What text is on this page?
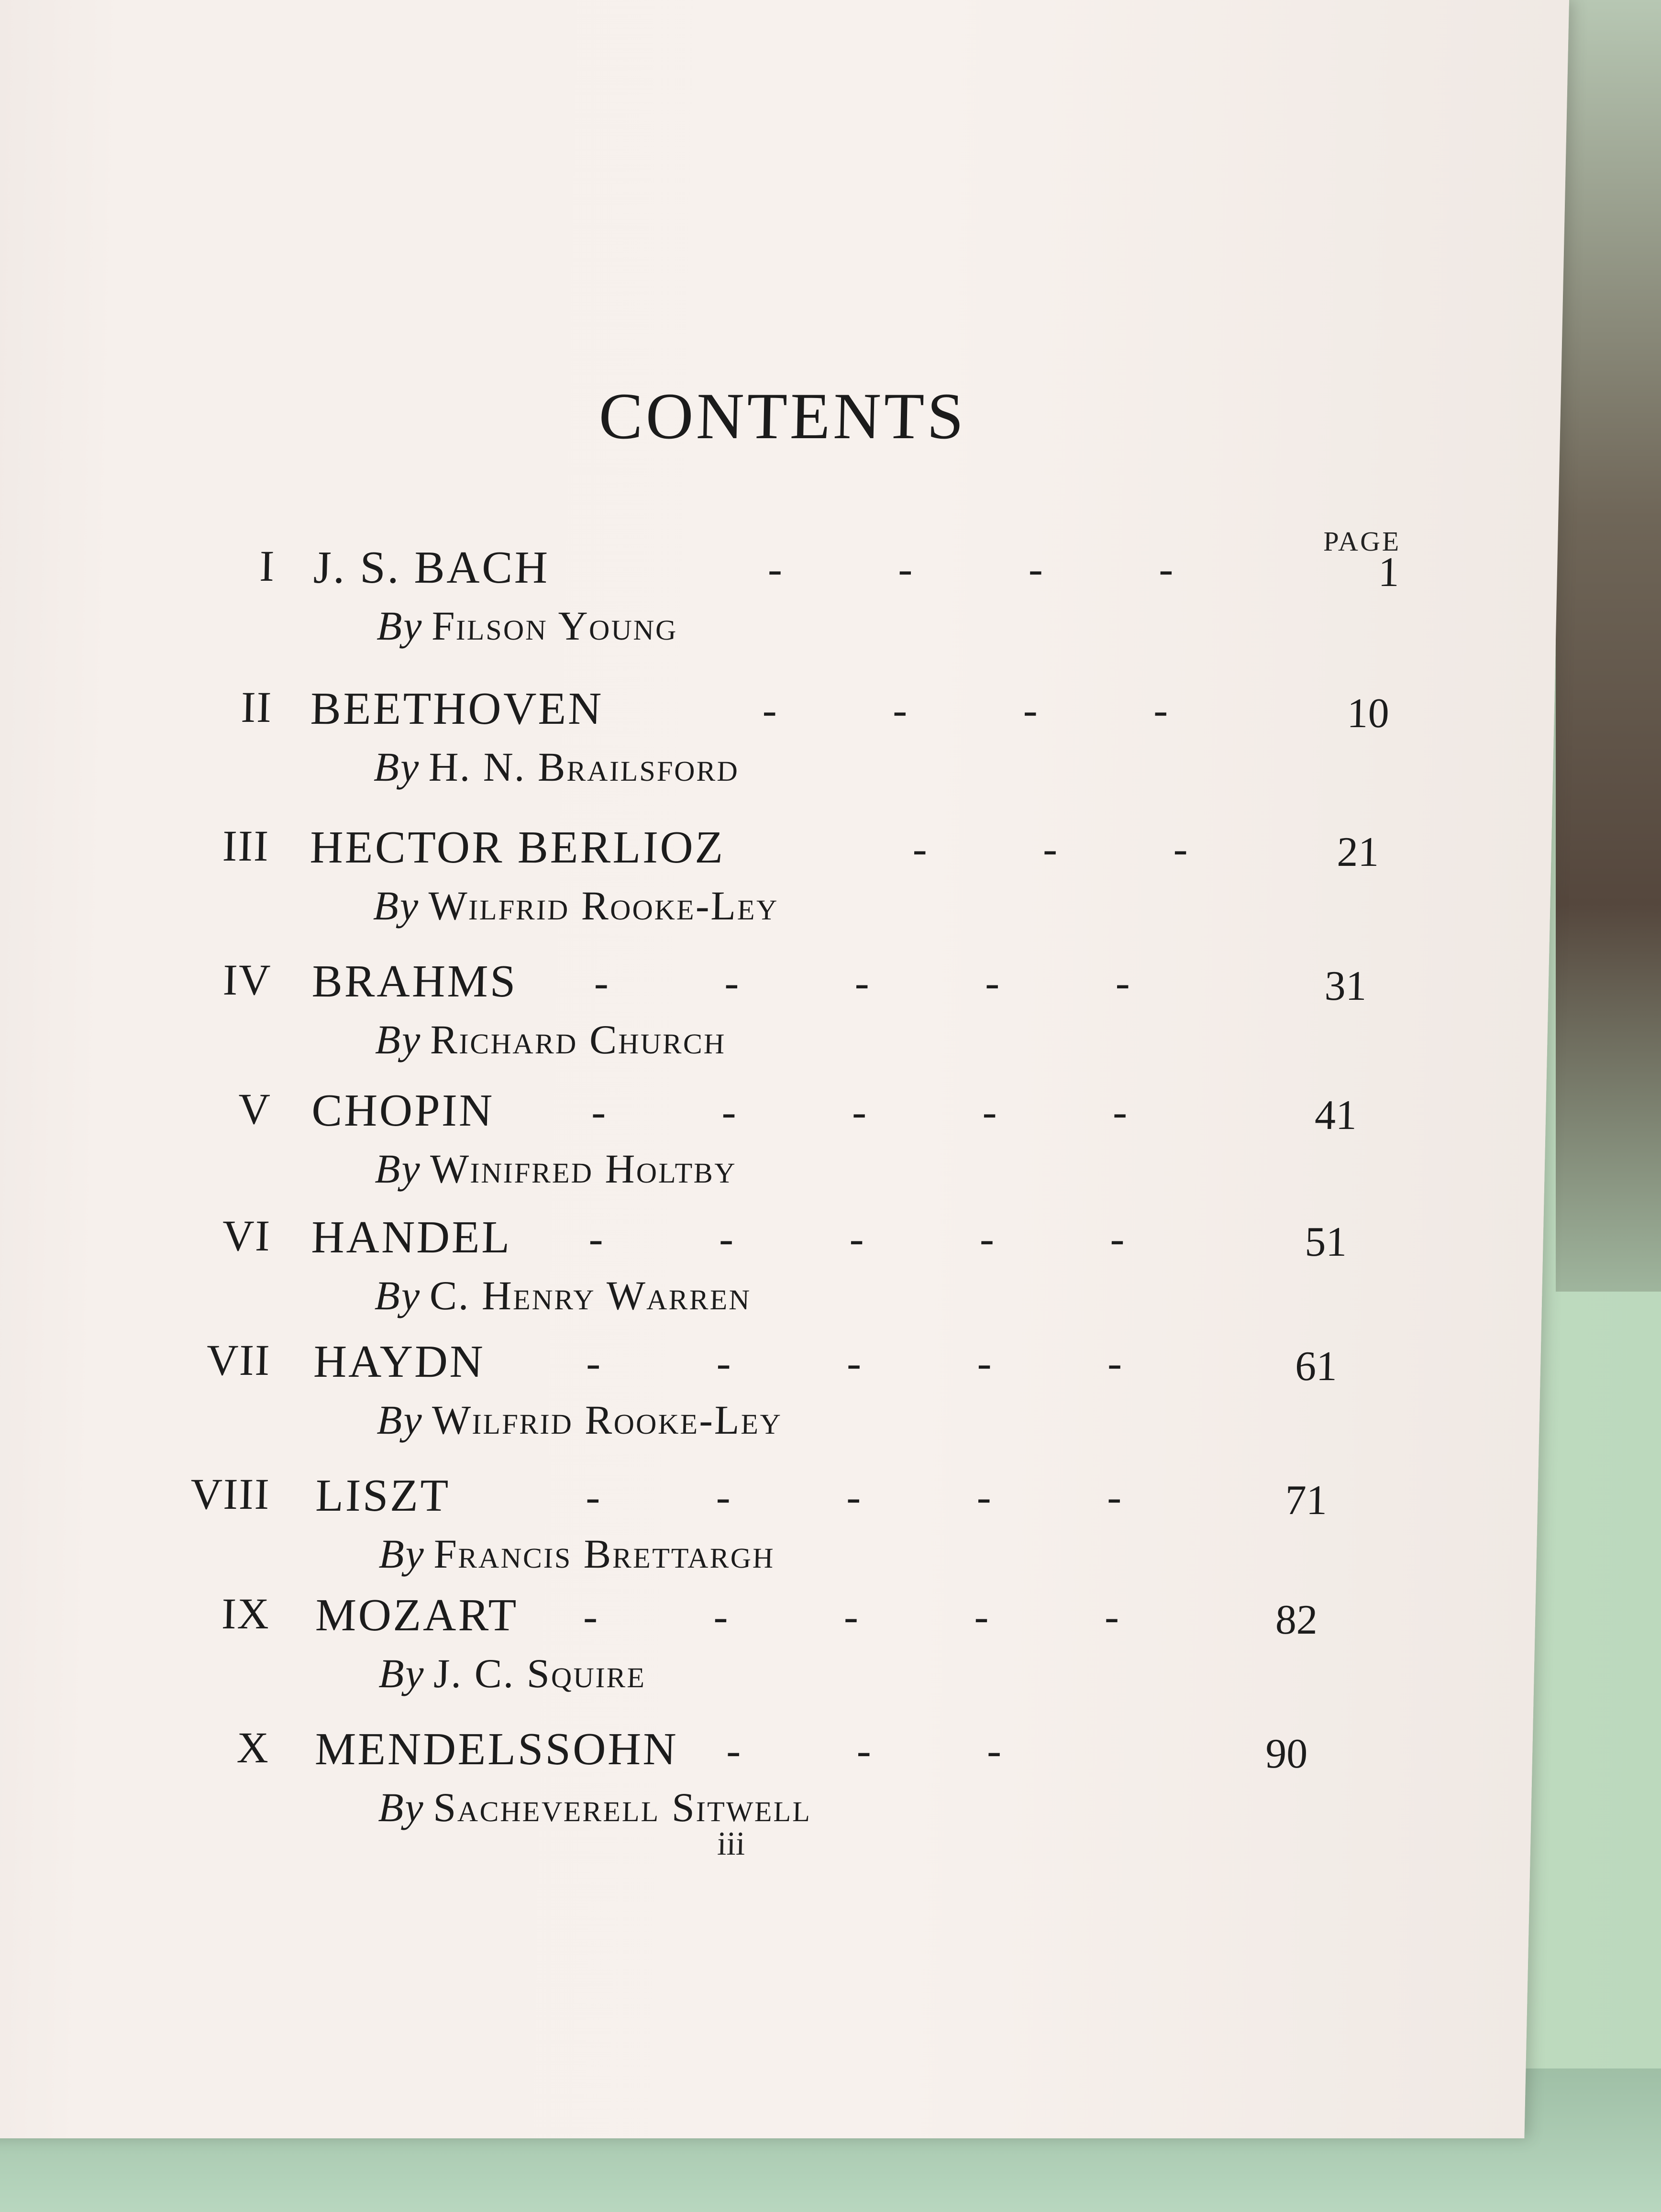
CONTENTS
PAGE
I J. S. BACH	- - - -	1
By Filson Young
II BEETHOVEN	- - - -	10
By H. N. Brailsford
III HECTOR BERLIOZ	- - -	21
By Wilfrid Rooke-Ley
IV BRAHMS - - - - -	31
By Richard Church
V CHOPIN - - - - -	41
By Winifred Holtby
VI HANDEL - - - - -	51
By C. Henry Warren
VII HAYDN - - - - -	61
By Wilfrid Rooke-Ley
VIII LISZT	- - - - -	71
By Francis Brettargh
IX MOZART - - - - -	82
By J. C. Squire
X MENDELSSOHN - - -	90
By Sacheverell Sitwell
iii
